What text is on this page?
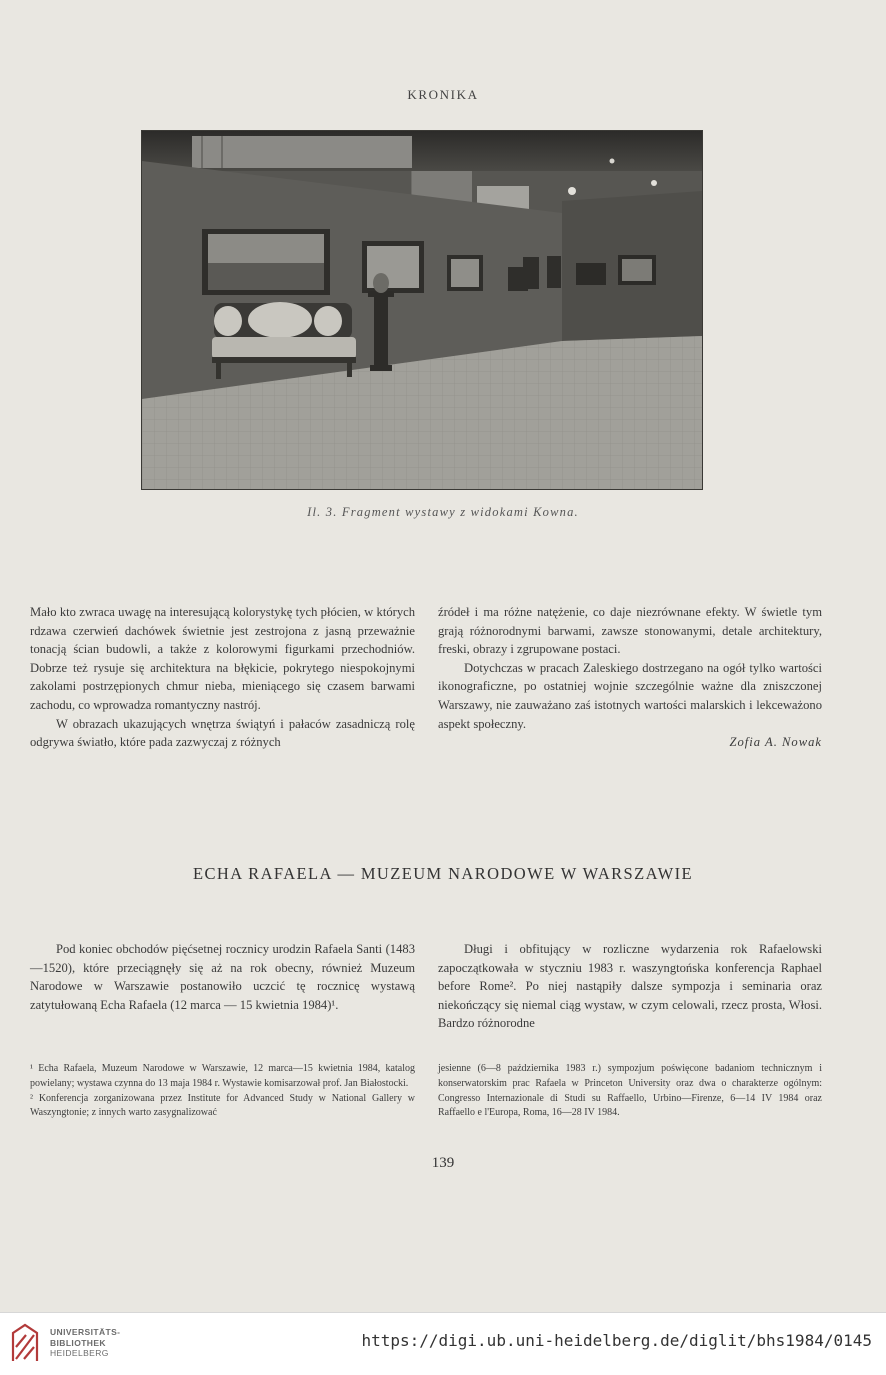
KRONIKA
Il. 3. Fragment wystawy z widokami Kowna.

Mało kto zwraca uwagę na interesującą kolorystykę tych płócien, w których rdzawa czerwień dachówek świetnie jest zestrojona z jasną przeważnie tonacją ścian budowli, a także z kolorowymi figurkami przechodniów. Dobrze też rysuje się architektura na błękicie, pokrytego niespokojnymi zakolami postrzępionych chmur nieba, mieniącego się czasem barwami zachodu, co wprowadza romantyczny nastrój.

W obrazach ukazujących wnętrza świątyń i pałaców zasadniczą rolę odgrywa światło, które pada zazwyczaj z różnych

źródeł i ma różne natężenie, co daje niezrównane efekty. W świetle tym grają różnorodnymi barwami, zawsze stonowanymi, detale architektury, freski, obrazy i zgrupowane postaci.

Dotychczas w pracach Zaleskiego dostrzegano na ogół tylko wartości ikonograficzne, po ostatniej wojnie szczególnie ważne dla zniszczonej Warszawy, nie zauważano zaś istotnych wartości malarskich i lekceważono aspekt społeczny.

Zofia A. Nowak

ECHA RAFAELA — MUZEUM NARODOWE W WARSZAWIE

Pod koniec obchodów pięćsetnej rocznicy urodzin Rafaela Santi (1483—1520), które przeciągnęły się aż na rok obecny, również Muzeum Narodowe w Warszawie postanowiło uczcić tę rocznicę wystawą zatytułowaną Echa Rafaela (12 marca — 15 kwietnia 1984)¹.

Długi i obfitujący w rozliczne wydarzenia rok Rafaelowski zapoczątkowała w styczniu 1983 r. waszyngtońska konferencja Raphael before Rome². Po niej nastąpiły dalsze sympozja i seminaria oraz niekończący się niemal ciąg wystaw, w czym celowali, rzecz prosta, Włosi. Bardzo różnorodne

¹ Echa Rafaela, Muzeum Narodowe w Warszawie, 12 marca—15 kwietnia 1984, katalog powielany; wystawa czynna do 13 maja 1984 r. Wystawie komisarzował prof. Jan Białostocki.

² Konferencja zorganizowana przez Institute for Advanced Study w National Gallery w Waszyngtonie; z innych warto zasygnalizować

jesienne (6—8 października 1983 r.) sympozjum poświęcone badaniom technicznym i konserwatorskim prac Rafaela w Princeton University oraz dwa o charakterze ogólnym: Congresso Internazionale di Studi su Raffaello, Urbino—Firenze, 6—14 IV 1984 oraz Raffaello e l'Europa, Roma, 16—28 IV 1984.

139
UNIVERSITÄTS-
BIBLIOTHEK
HEIDELBERG
https://digi.ub.uni-heidelberg.de/diglit/bhs1984/0145
